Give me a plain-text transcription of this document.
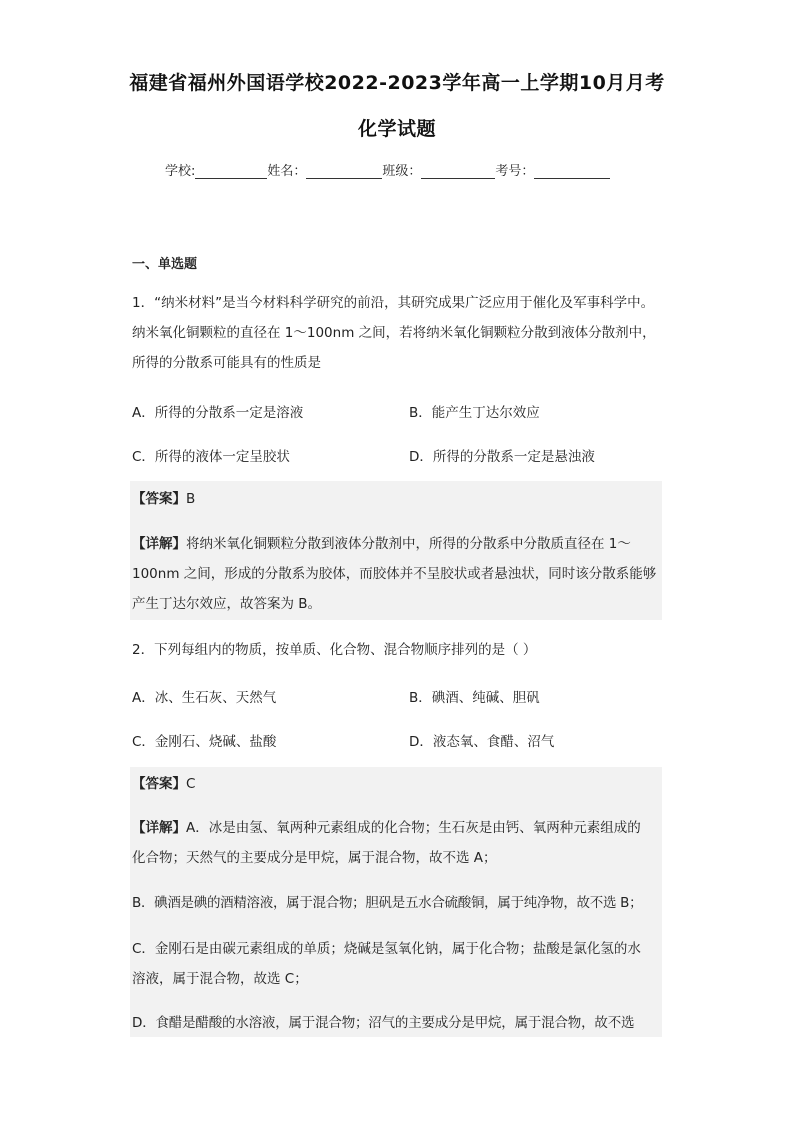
福建省福州外国语学校2022-2023学年高一上学期10月月考
化学试题
学校:	姓名：	班级：	考号：
一、单选题
1．“纳米材料”是当今材料科学研究的前沿，其研究成果广泛应用于催化及军事科学中。
纳米氧化铜颗粒的直径在 1～100nm 之间，若将纳米氧化铜颗粒分散到液体分散剂中，
所得的分散系可能具有的性质是
A．所得的分散系一定是溶液	B．能产生丁达尔效应
C．所得的液体一定呈胶状	D．所得的分散系一定是悬浊液
【答案】B
【详解】将纳米氧化铜颗粒分散到液体分散剂中，所得的分散系中分散质直径在 1～
100nm 之间，形成的分散系为胶体，而胶体并不呈胶状或者悬浊状，同时该分散系能够
产生丁达尔效应，故答案为 B。
2．下列每组内的物质，按单质、化合物、混合物顺序排列的是（ ）
A．冰、生石灰、天然气	B．碘酒、纯碱、胆矾
C．金刚石、烧碱、盐酸	D．液态氧、食醋、沼气
【答案】C
【详解】A．冰是由氢、氧两种元素组成的化合物；生石灰是由钙、氧两种元素组成的
化合物；天然气的主要成分是甲烷，属于混合物，故不选 A；
B．碘酒是碘的酒精溶液，属于混合物；胆矾是五水合硫酸铜，属于纯净物，故不选 B；
C．金刚石是由碳元素组成的单质；烧碱是氢氧化钠，属于化合物；盐酸是氯化氢的水
溶液，属于混合物，故选 C；
D．食醋是醋酸的水溶液，属于混合物；沼气的主要成分是甲烷，属于混合物，故不选
